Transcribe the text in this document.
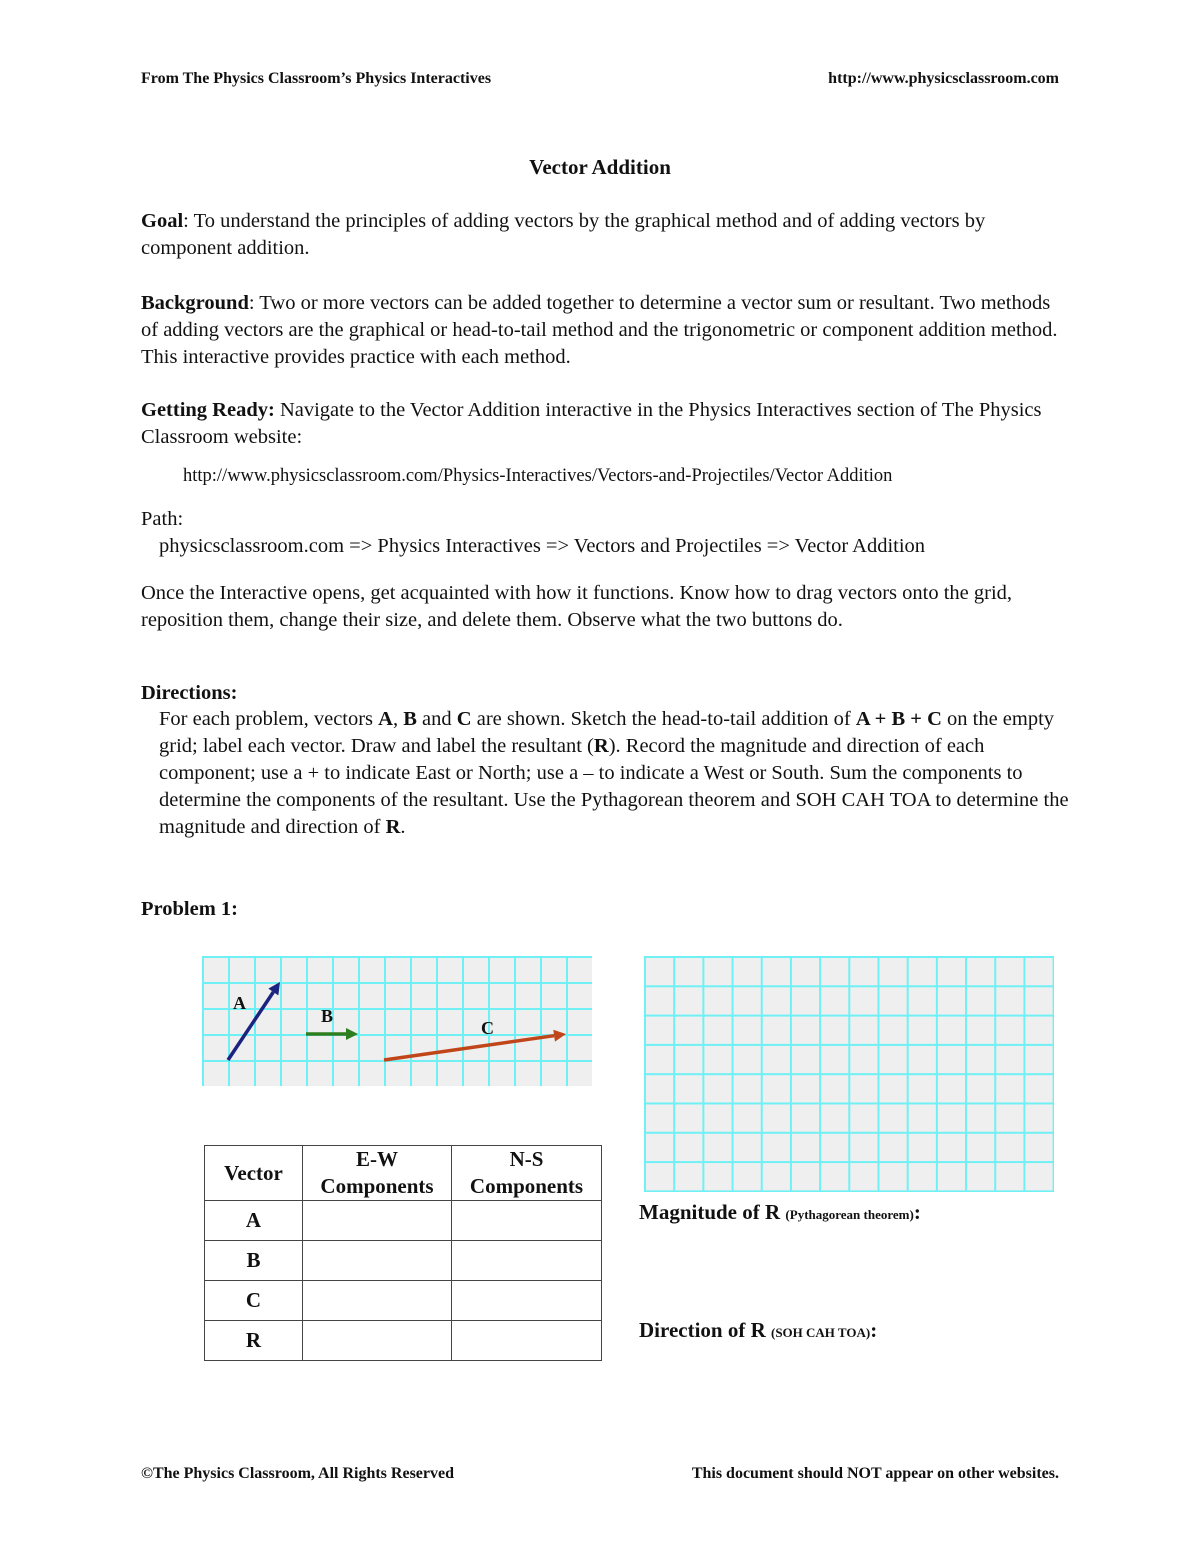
From The Physics Classroom’s Physics Interactives	http://www.physicsclassroom.com
Vector Addition
Goal: To understand the principles of adding vectors by the graphical method and of adding vectors by component addition.
Background: Two or more vectors can be added together to determine a vector sum or resultant. Two methods of adding vectors are the graphical or head-to-tail method and the trigonometric or component addition method. This interactive provides practice with each method.
Getting Ready: Navigate to the Vector Addition interactive in the Physics Interactives section of The Physics Classroom website:
http://www.physicsclassroom.com/Physics-Interactives/Vectors-and-Projectiles/Vector Addition
Path:
physicsclassroom.com => Physics Interactives => Vectors and Projectiles => Vector Addition
Once the Interactive opens, get acquainted with how it functions. Know how to drag vectors onto the grid, reposition them, change their size, and delete them. Observe what the two buttons do.
Directions:
For each problem, vectors A, B and C are shown. Sketch the head-to-tail addition of A + B + C on the empty grid; label each vector. Draw and label the resultant (R). Record the magnitude and direction of each component; use a + to indicate East or North; use a – to indicate a West or South. Sum the components to determine the components of the resultant. Use the Pythagorean theorem and SOH CAH TOA to determine the magnitude and direction of R.
Problem 1:
A
B
C
Vector	E-W Components	N-S Components
A		
B		
C		
R		
Magnitude of R (Pythagorean theorem):
Direction of R (SOH CAH TOA):
©The Physics Classroom, All Rights Reserved	This document should NOT appear on other websites.
